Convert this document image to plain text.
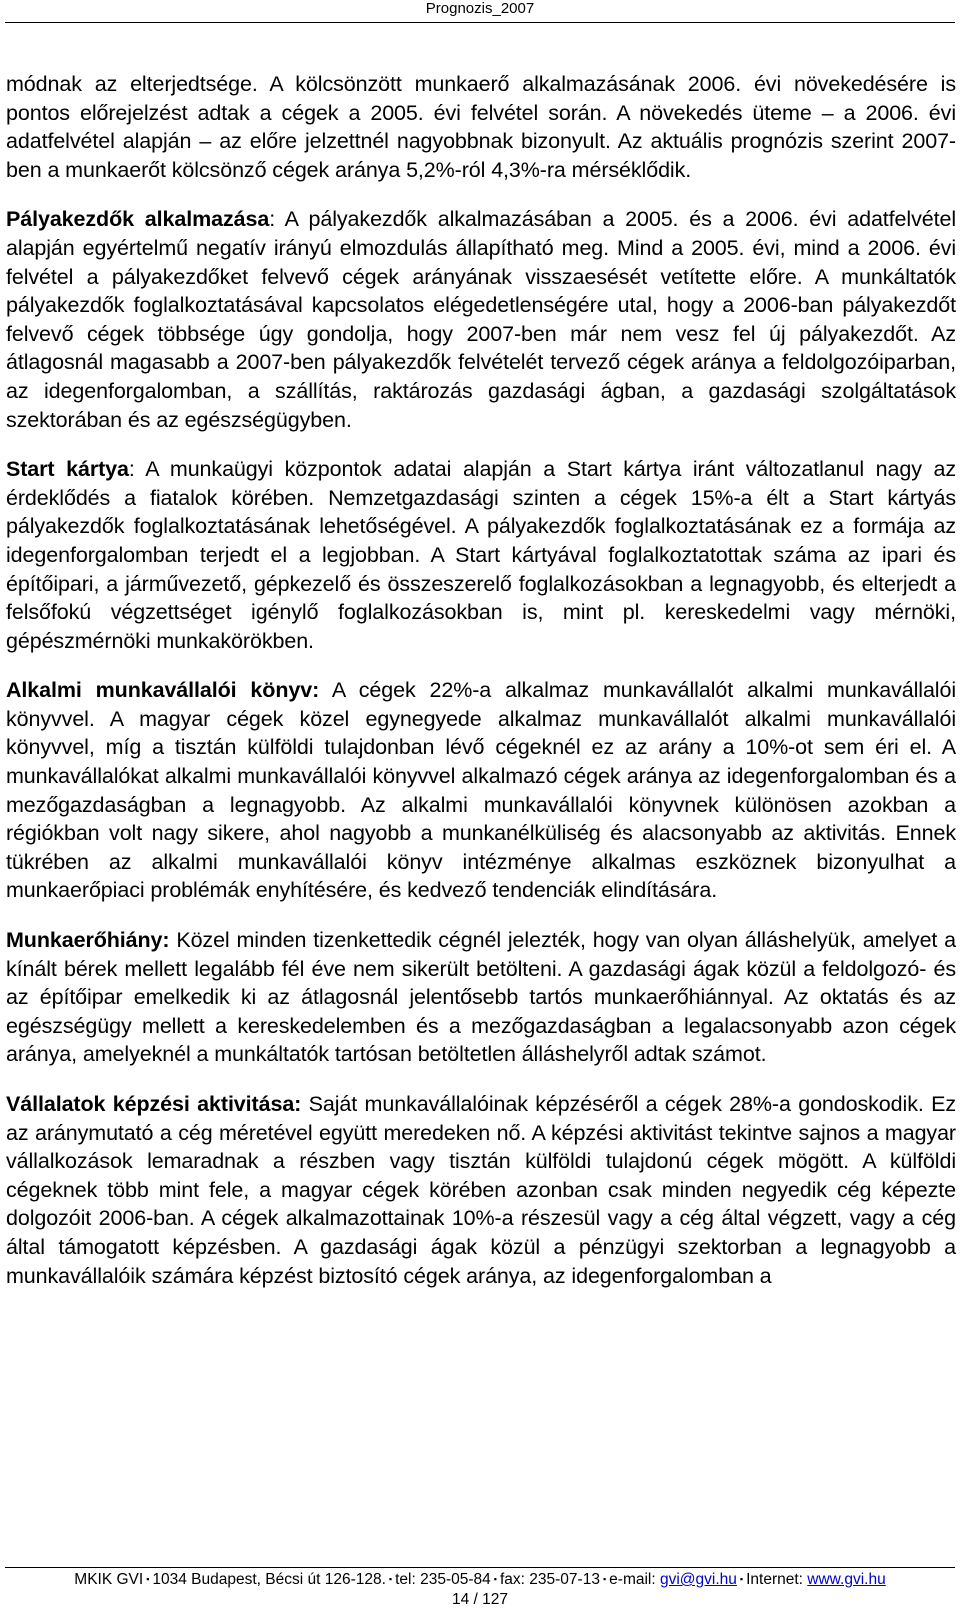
Prognozis_2007

módnak az elterjedtsége. A kölcsönzött munkaerő alkalmazásának 2006. évi növekedésére is pontos előrejelzést adtak a cégek a 2005. évi felvétel során. A növekedés üteme – a 2006. évi adatfelvétel alapján – az előre jelzettnél nagyobbnak bizonyult. Az aktuális prognózis szerint 2007-ben a munkaerőt kölcsönző cégek aránya 5,2%-ról 4,3%-ra mérséklődik.

Pályakezdők alkalmazása: A pályakezdők alkalmazásában a 2005. és a 2006. évi adatfelvétel alapján egyértelmű negatív irányú elmozdulás állapítható meg. Mind a 2005. évi, mind a 2006. évi felvétel a pályakezdőket felvevő cégek arányának visszaesését vetítette előre. A munkáltatók pályakezdők foglalkoztatásával kapcsolatos elégedetlenségére utal, hogy a 2006-ban pályakezdőt felvevő cégek többsége úgy gondolja, hogy 2007-ben már nem vesz fel új pályakezdőt. Az átlagosnál magasabb a 2007-ben pályakezdők felvételét tervező cégek aránya a feldolgozóiparban, az idegenforgalomban, a szállítás, raktározás gazdasági ágban, a gazdasági szolgáltatások szektorában és az egészségügyben.

Start kártya: A munkaügyi központok adatai alapján a Start kártya iránt változatlanul nagy az érdeklődés a fiatalok körében. Nemzetgazdasági szinten a cégek 15%-a élt a Start kártyás pályakezdők foglalkoztatásának lehetőségével. A pályakezdők foglalkoztatásának ez a formája az idegenforgalomban terjedt el a legjobban. A Start kártyával foglalkoztatottak száma az ipari és építőipari, a járművezető, gépkezelő és összeszerelő foglalkozásokban a legnagyobb, és elterjedt a felsőfokú végzettséget igénylő foglalkozásokban is, mint pl. kereskedelmi vagy mérnöki, gépészmérnöki munkakörökben.

Alkalmi munkavállalói könyv: A cégek 22%-a alkalmaz munkavállalót alkalmi munkavállalói könyvvel. A magyar cégek közel egynegyede alkalmaz munkavállalót alkalmi munkavállalói könyvvel, míg a tisztán külföldi tulajdonban lévő cégeknél ez az arány a 10%-ot sem éri el. A munkavállalókat alkalmi munkavállalói könyvvel alkalmazó cégek aránya az idegenforgalomban és a mezőgazdaságban a legnagyobb. Az alkalmi munkavállalói könyvnek különösen azokban a régiókban volt nagy sikere, ahol nagyobb a munkanélküliség és alacsonyabb az aktivitás. Ennek tükrében az alkalmi munkavállalói könyv intézménye alkalmas eszköznek bizonyulhat a munkaerőpiaci problémák enyhítésére, és kedvező tendenciák elindítására.

Munkaerőhiány: Közel minden tizenkettedik cégnél jelezték, hogy van olyan álláshelyük, amelyet a kínált bérek mellett legalább fél éve nem sikerült betölteni. A gazdasági ágak közül a feldolgozó- és az építőipar emelkedik ki az átlagosnál jelentősebb tartós munkaerőhiánnyal. Az oktatás és az egészségügy mellett a kereskedelemben és a mezőgazdaságban a legalacsonyabb azon cégek aránya, amelyeknél a munkáltatók tartósan betöltetlen álláshelyről adtak számot.

Vállalatok képzési aktivitása: Saját munkavállalóinak képzéséről a cégek 28%-a gondoskodik. Ez az aránymutató a cég méretével együtt meredeken nő. A képzési aktivitást tekintve sajnos a magyar vállalkozások lemaradnak a részben vagy tisztán külföldi tulajdonú cégek mögött. A külföldi cégeknek több mint fele, a magyar cégek körében azonban csak minden negyedik cég képezte dolgozóit 2006-ban. A cégek alkalmazottainak 10%-a részesül vagy a cég által végzett, vagy a cég által támogatott képzésben. A gazdasági ágak közül a pénzügyi szektorban a legnagyobb a munkavállalóik számára képzést biztosító cégek aránya, az idegenforgalomban a

MKIK GVI ▪ 1034 Budapest, Bécsi út 126-128. ▪ tel: 235-05-84 ▪ fax: 235-07-13 ▪ e-mail: gvi@gvi.hu ▪ Internet: www.gvi.hu
14 / 127
